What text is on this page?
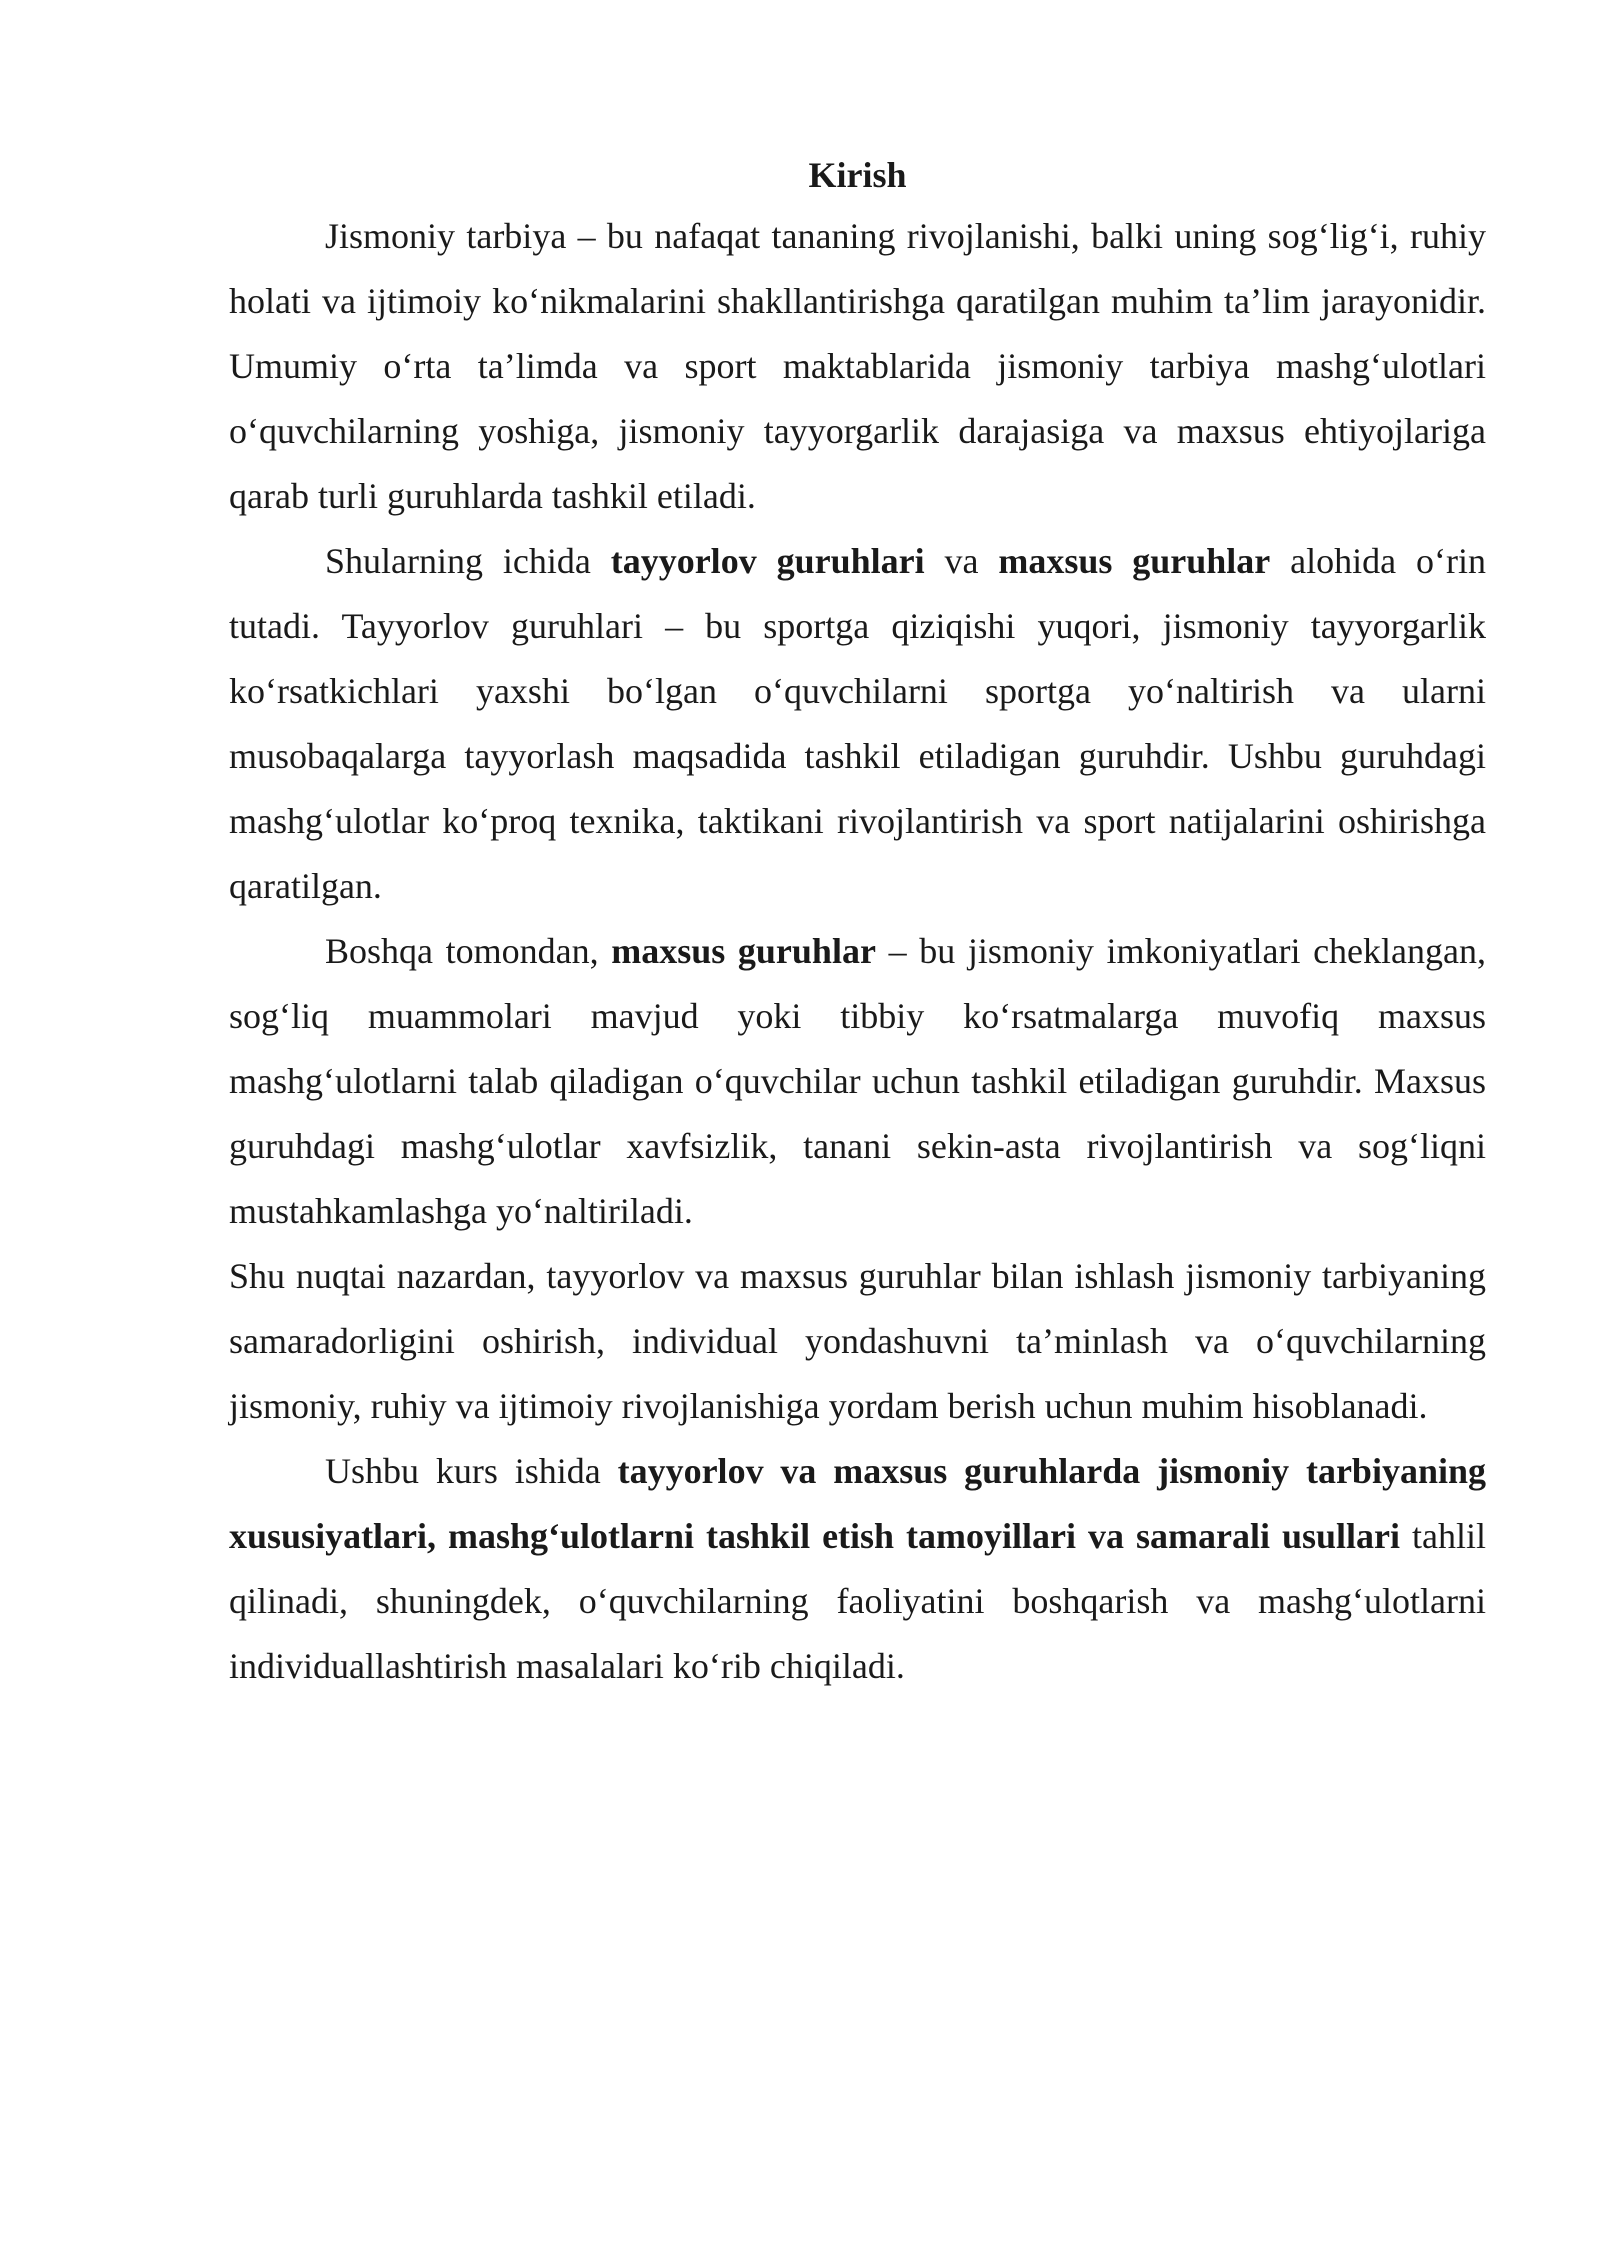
Kirish

Jismoniy tarbiya – bu nafaqat tananing rivojlanishi, balki uning sog‘lig‘i, ruhiy holati va ijtimoiy ko‘nikmalarini shakllantirishga qaratilgan muhim ta’lim jarayonidir. Umumiy o‘rta ta’limda va sport maktablarida jismoniy tarbiya mashg‘ulotlari o‘quvchilarning yoshiga, jismoniy tayyorgarlik darajasiga va maxsus ehtiyojlariga qarab turli guruhlarda tashkil etiladi.

Shularning ichida tayyorlov guruhlari va maxsus guruhlar alohida o‘rin tutadi. Tayyorlov guruhlari – bu sportga qiziqishi yuqori, jismoniy tayyorgarlik ko‘rsatkichlari yaxshi bo‘lgan o‘quvchilarni sportga yo‘naltirish va ularni musobaqalarga tayyorlash maqsadida tashkil etiladigan guruhdir. Ushbu guruhdagi mashg‘ulotlar ko‘proq texnika, taktikani rivojlantirish va sport natijalarini oshirishga qaratilgan.

Boshqa tomondan, maxsus guruhlar – bu jismoniy imkoniyatlari cheklangan, sog‘liq muammolari mavjud yoki tibbiy ko‘rsatmalarga muvofiq maxsus mashg‘ulotlarni talab qiladigan o‘quvchilar uchun tashkil etiladigan guruhdir. Maxsus guruhdagi mashg‘ulotlar xavfsizlik, tanani sekin-asta rivojlantirish va sog‘liqni mustahkamlashga yo‘naltiriladi.

Shu nuqtai nazardan, tayyorlov va maxsus guruhlar bilan ishlash jismoniy tarbiyaning samaradorligini oshirish, individual yondashuvni ta’minlash va o‘quvchilarning jismoniy, ruhiy va ijtimoiy rivojlanishiga yordam berish uchun muhim hisoblanadi.

Ushbu kurs ishida tayyorlov va maxsus guruhlarda jismoniy tarbiyaning xususiyatlari, mashg‘ulotlarni tashkil etish tamoyillari va samarali usullari tahlil qilinadi, shuningdek, o‘quvchilarning faoliyatini boshqarish va mashg‘ulotlarni individuallashtirish masalalari ko‘rib chiqiladi.
